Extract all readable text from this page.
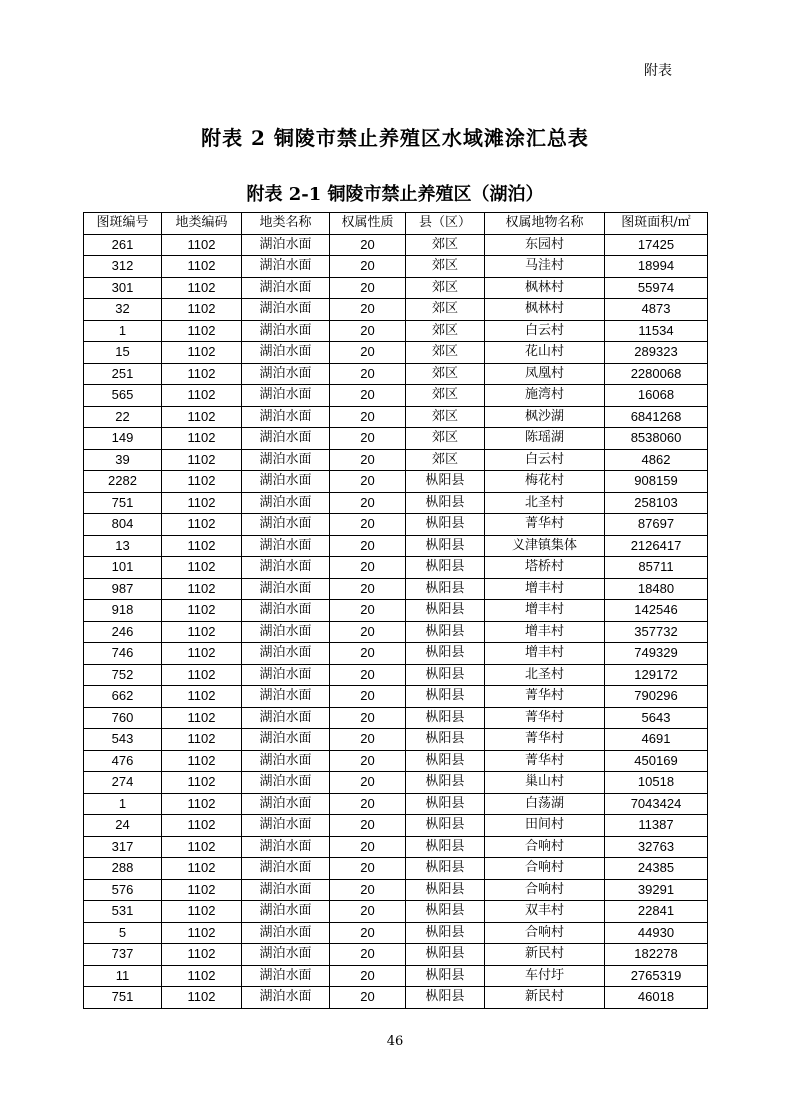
附表
附表 2 铜陵市禁止养殖区水域滩涂汇总表
附表 2-1 铜陵市禁止养殖区（湖泊）
图斑编号	地类编码	地类名称	权属性质	县（区）	权属地物名称	图斑面积/㎡
261	1102	湖泊水面	20	郊区	东园村	17425
312	1102	湖泊水面	20	郊区	马洼村	18994
301	1102	湖泊水面	20	郊区	枫林村	55974
32	1102	湖泊水面	20	郊区	枫林村	4873
1	1102	湖泊水面	20	郊区	白云村	11534
15	1102	湖泊水面	20	郊区	花山村	289323
251	1102	湖泊水面	20	郊区	凤凰村	2280068
565	1102	湖泊水面	20	郊区	施湾村	16068
22	1102	湖泊水面	20	郊区	枫沙湖	6841268
149	1102	湖泊水面	20	郊区	陈瑶湖	8538060
39	1102	湖泊水面	20	郊区	白云村	4862
2282	1102	湖泊水面	20	枞阳县	梅花村	908159
751	1102	湖泊水面	20	枞阳县	北圣村	258103
804	1102	湖泊水面	20	枞阳县	菁华村	87697
13	1102	湖泊水面	20	枞阳县	义津镇集体	2126417
101	1102	湖泊水面	20	枞阳县	塔桥村	85711
987	1102	湖泊水面	20	枞阳县	增丰村	18480
918	1102	湖泊水面	20	枞阳县	增丰村	142546
246	1102	湖泊水面	20	枞阳县	增丰村	357732
746	1102	湖泊水面	20	枞阳县	增丰村	749329
752	1102	湖泊水面	20	枞阳县	北圣村	129172
662	1102	湖泊水面	20	枞阳县	菁华村	790296
760	1102	湖泊水面	20	枞阳县	菁华村	5643
543	1102	湖泊水面	20	枞阳县	菁华村	4691
476	1102	湖泊水面	20	枞阳县	菁华村	450169
274	1102	湖泊水面	20	枞阳县	巢山村	10518
1	1102	湖泊水面	20	枞阳县	白荡湖	7043424
24	1102	湖泊水面	20	枞阳县	田间村	11387
317	1102	湖泊水面	20	枞阳县	合响村	32763
288	1102	湖泊水面	20	枞阳县	合响村	24385
576	1102	湖泊水面	20	枞阳县	合响村	39291
531	1102	湖泊水面	20	枞阳县	双丰村	22841
5	1102	湖泊水面	20	枞阳县	合响村	44930
737	1102	湖泊水面	20	枞阳县	新民村	182278
11	1102	湖泊水面	20	枞阳县	车付圩	2765319
751	1102	湖泊水面	20	枞阳县	新民村	46018
46
